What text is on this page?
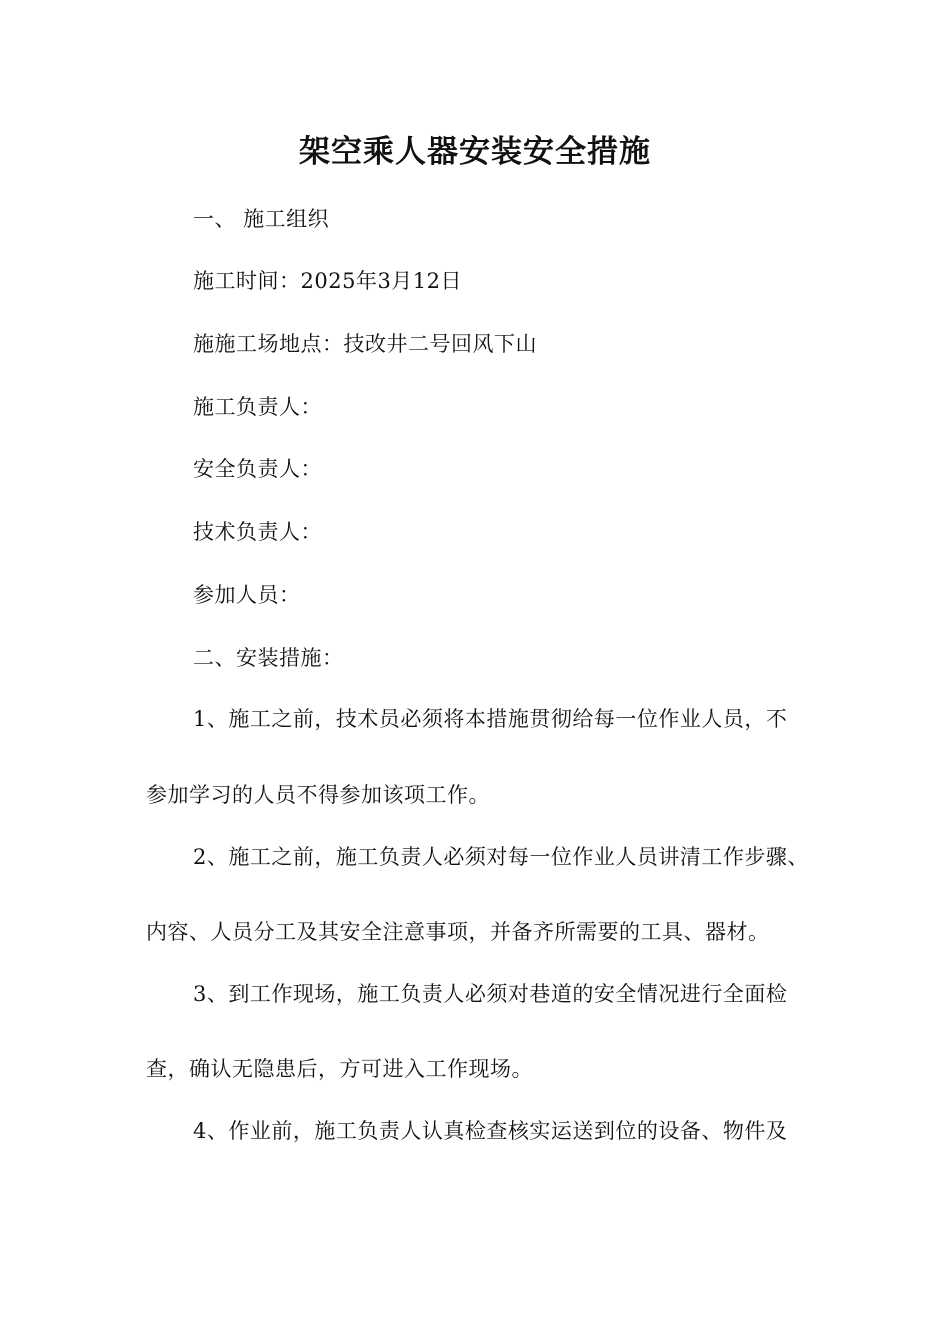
架空乘人器安装安全措施
一、 施工组织
施工时间：2025年3月12日
施施工场地点：技改井二号回风下山
施工负责人：
安全负责人：
技术负责人：
参加人员：
二、安装措施：
1、施工之前，技术员必须将本措施贯彻给每一位作业人员，不
参加学习的人员不得参加该项工作。
2、施工之前，施工负责人必须对每一位作业人员讲清工作步骤、
内容、人员分工及其安全注意事项，并备齐所需要的工具、器材。
3、到工作现场，施工负责人必须对巷道的安全情况进行全面检
查，确认无隐患后，方可进入工作现场。
4、作业前，施工负责人认真检查核实运送到位的设备、物件及
